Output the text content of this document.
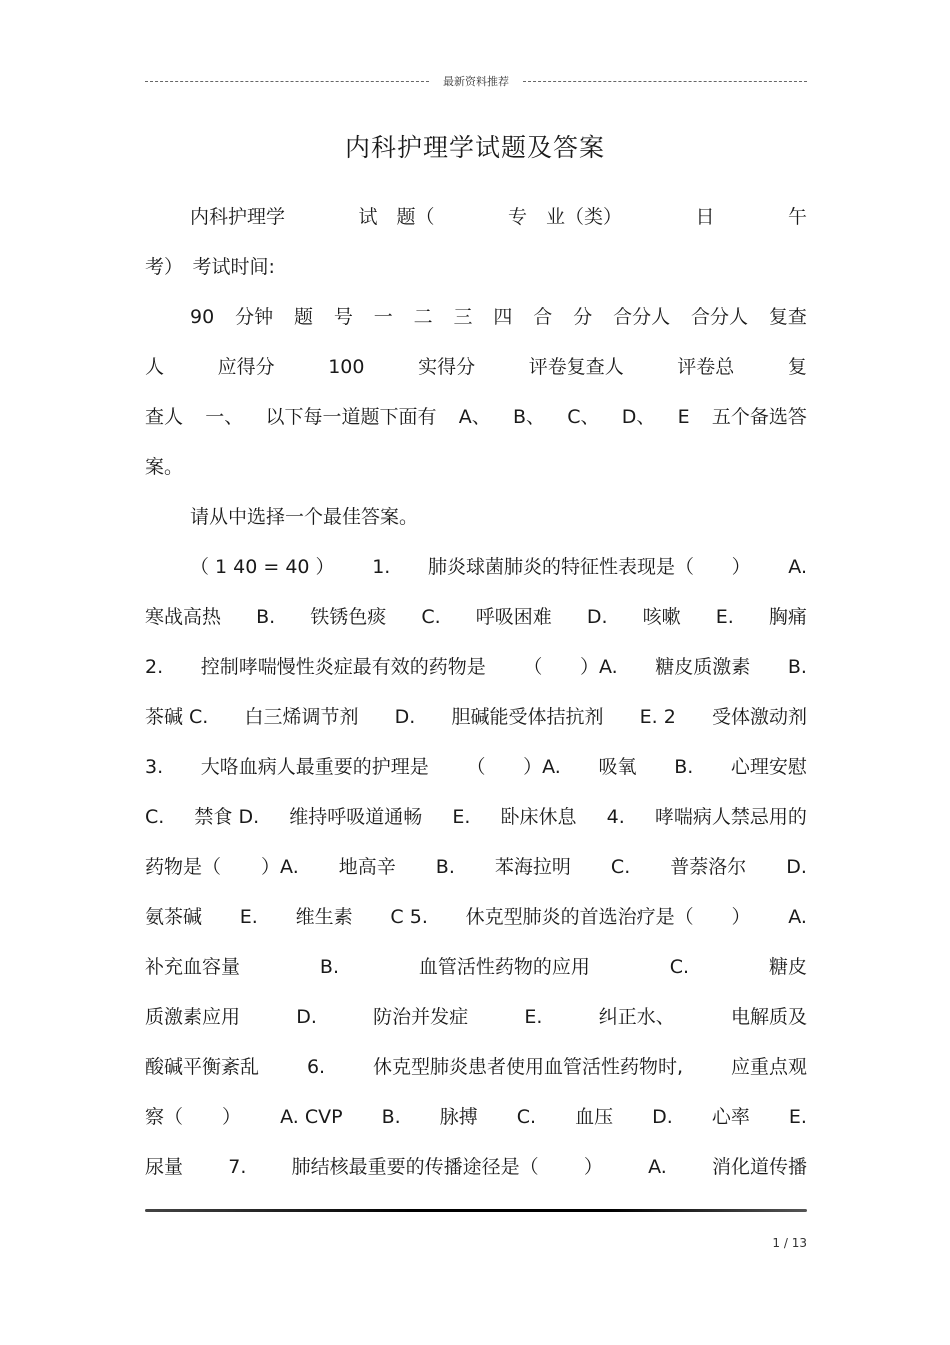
最新资料推荐
内科护理学试题及答案
内科护理学	试　题（	专　业（类）	日	午
考）　考试时间:
90 分钟 题 号 一 二 三 四 合 分 合分人 合分人 复查
人	应得分	100	实得分	评卷复查人	评卷总	复
查人 一、 以下每一道题下面有 A、 B、 C、 D、 E 五个备选答
案。
请从中选择一个最佳答案。
（ 1 40 = 40 ） 1. 肺炎球菌肺炎的特征性表现是（ ） A.
寒战高热 B. 铁锈色痰 C. 呼吸困难 D. 咳嗽 E. 胸痛
2. 控制哮喘慢性炎症最有效的药物是 （ ）A. 糖皮质激素 B.
茶碱 C. 白三烯调节剂 D. 胆碱能受体拮抗剂 E. 2 受体激动剂
3. 大咯血病人最重要的护理是 （ ）A. 吸氧 B. 心理安慰
C. 禁食 D. 维持呼吸道通畅 E. 卧床休息 4. 哮喘病人禁忌用的
药物是（ ）A. 地高辛 B. 苯海拉明 C. 普萘洛尔 D.
氨茶碱 E. 维生素 C 5. 休克型肺炎的首选治疗是（ ） A.
补充血容量	B.	血管活性药物的应用	C.	糖皮
质激素应用	D.	防治并发症	E.	纠正水、	电解质及
酸碱平衡紊乱	6.	休克型肺炎患者使用血管活性药物时,	应重点观
察（ ） A. CVP B. 脉搏 C. 血压 D. 心率 E.
尿量 7. 肺结核最重要的传播途径是（ ） A. 消化道传播
1 / 13
